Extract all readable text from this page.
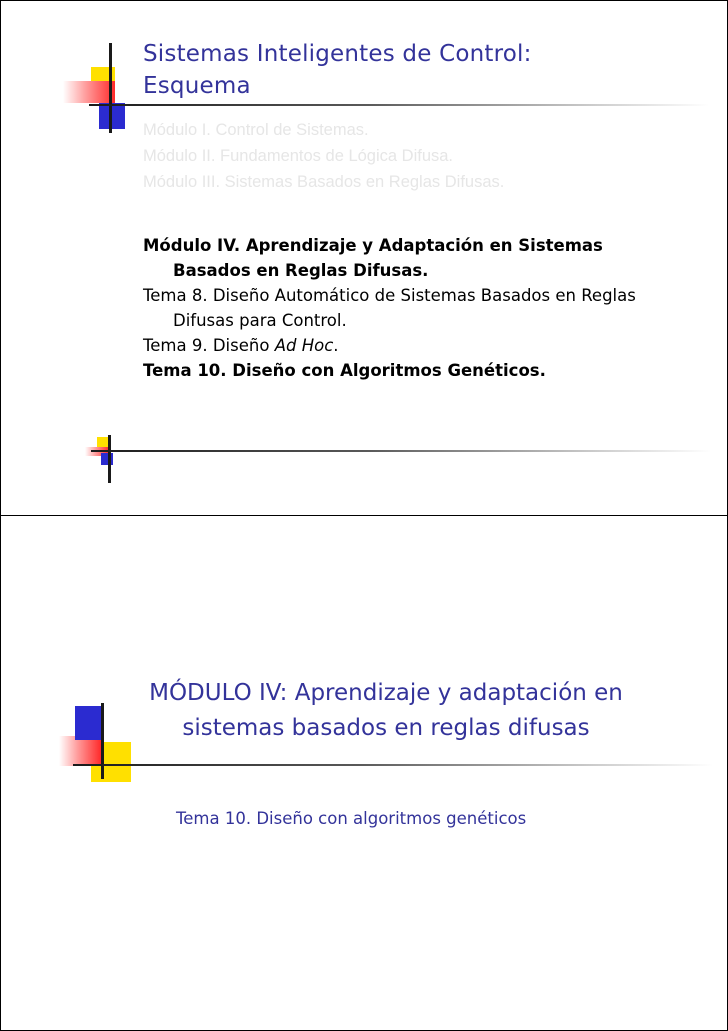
Sistemas Inteligentes de Control:
Esquema
Módulo I. Control de Sistemas.
Módulo II. Fundamentos de Lógica Difusa.
Módulo III. Sistemas Basados en Reglas Difusas.

Módulo IV. Aprendizaje y Adaptación en Sistemas Basados en Reglas Difusas.

Tema 8. Diseño Automático de Sistemas Basados en Reglas Difusas para Control.

Tema 9. Diseño Ad Hoc.

Tema 10. Diseño con Algoritmos Genéticos.

MÓDULO IV: Aprendizaje y adaptación en sistemas basados en reglas difusas
Tema 10. Diseño con algoritmos genéticos
